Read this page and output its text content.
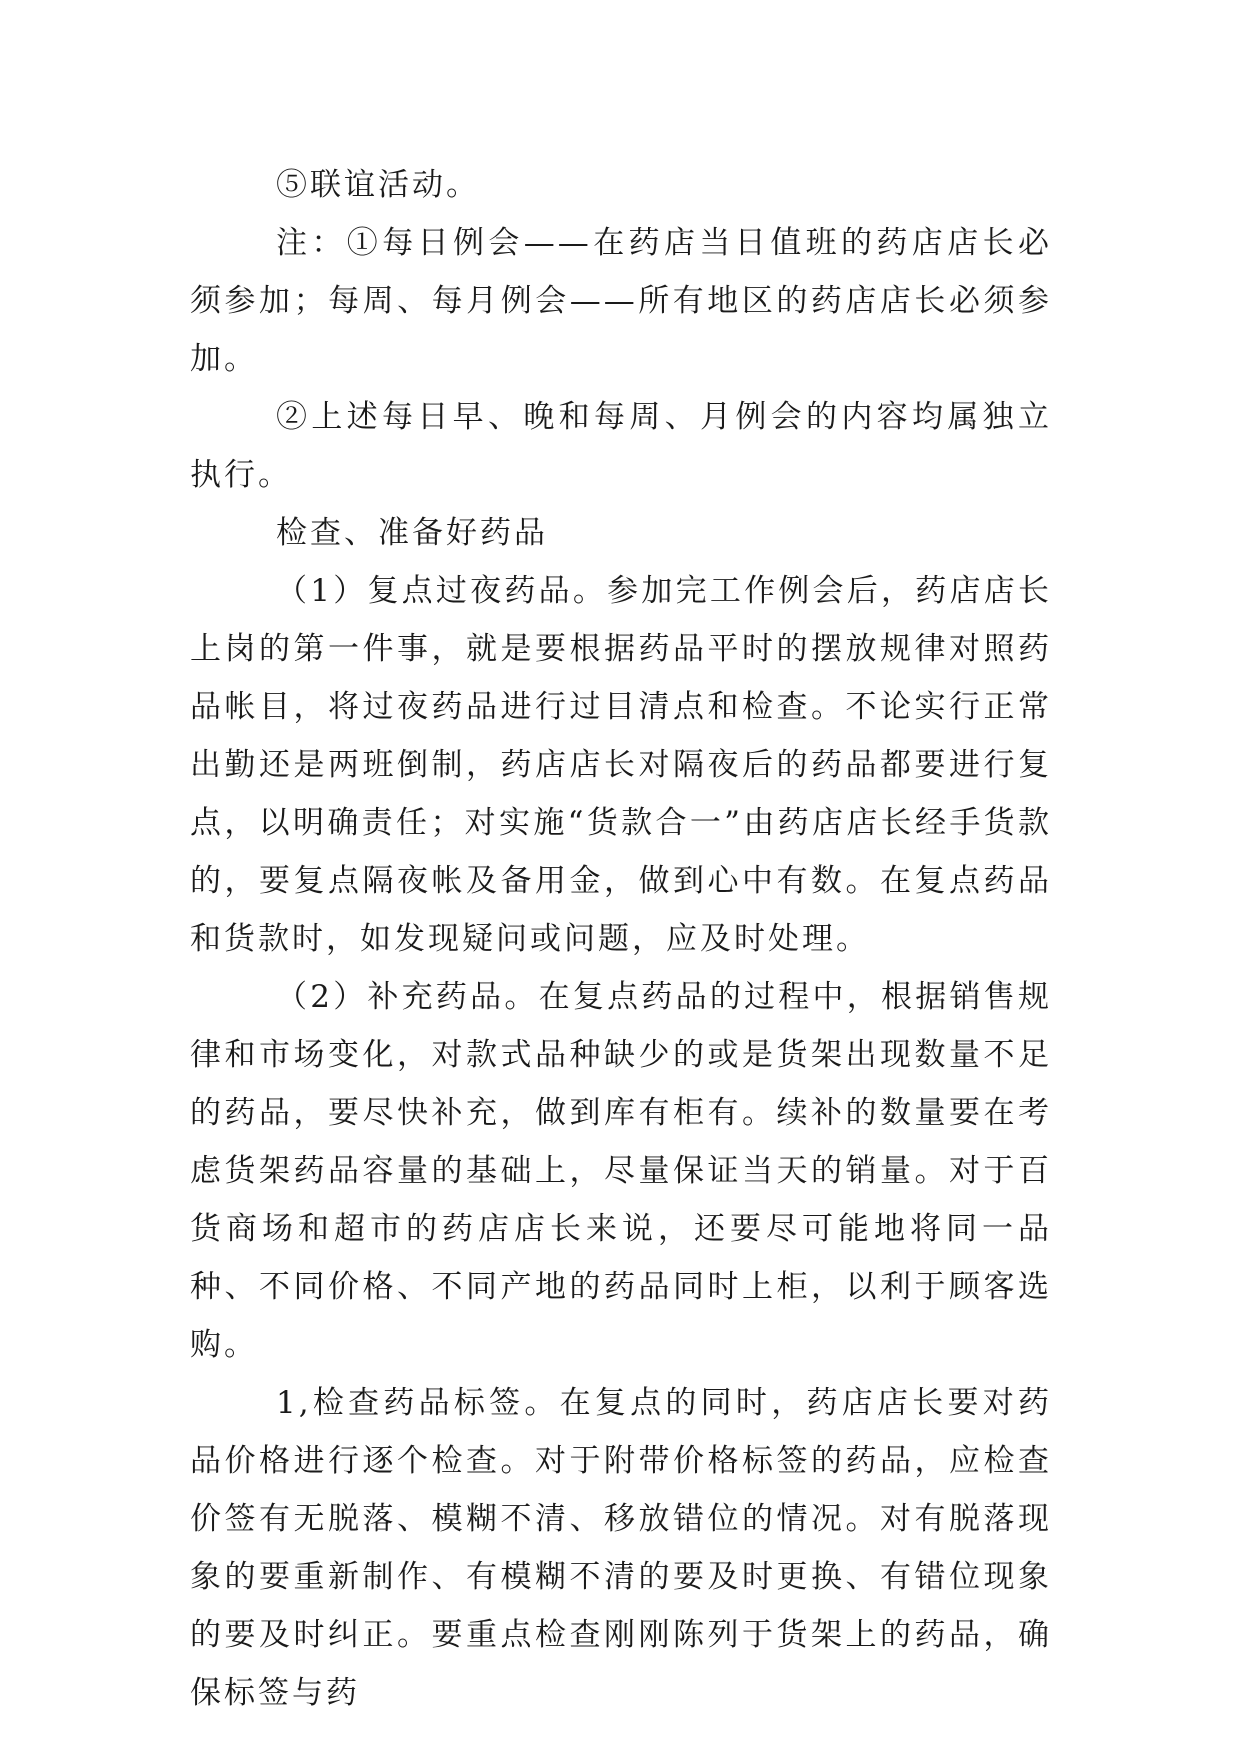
⑤联谊活动。

注：①每日例会——在药店当日值班的药店店长必须参加；每周、每月例会——所有地区的药店店长必须参加。

②上述每日早、晚和每周、月例会的内容均属独立执行。

检查、准备好药品

（1）复点过夜药品。参加完工作例会后，药店店长上岗的第一件事，就是要根据药品平时的摆放规律对照药品帐目，将过夜药品进行过目清点和检查。不论实行正常出勤还是两班倒制，药店店长对隔夜后的药品都要进行复点，以明确责任；对实施“货款合一”由药店店长经手货款的，要复点隔夜帐及备用金，做到心中有数。在复点药品和货款时，如发现疑问或问题，应及时处理。

（2）补充药品。在复点药品的过程中，根据销售规律和市场变化，对款式品种缺少的或是货架出现数量不足的药品，要尽快补充，做到库有柜有。续补的数量要在考虑货架药品容量的基础上，尽量保证当天的销量。对于百货商场和超市的药店店长来说，还要尽可能地将同一品种、不同价格、不同产地的药品同时上柜，以利于顾客选购。

1,检查药品标签。在复点的同时，药店店长要对药品价格进行逐个检查。对于附带价格标签的药品，应检查价签有无脱落、模糊不清、移放错位的情况。对有脱落现象的要重新制作、有模糊不清的要及时更换、有错位现象的要及时纠正。要重点检查刚刚陈列于货架上的药品，确保标签与药
